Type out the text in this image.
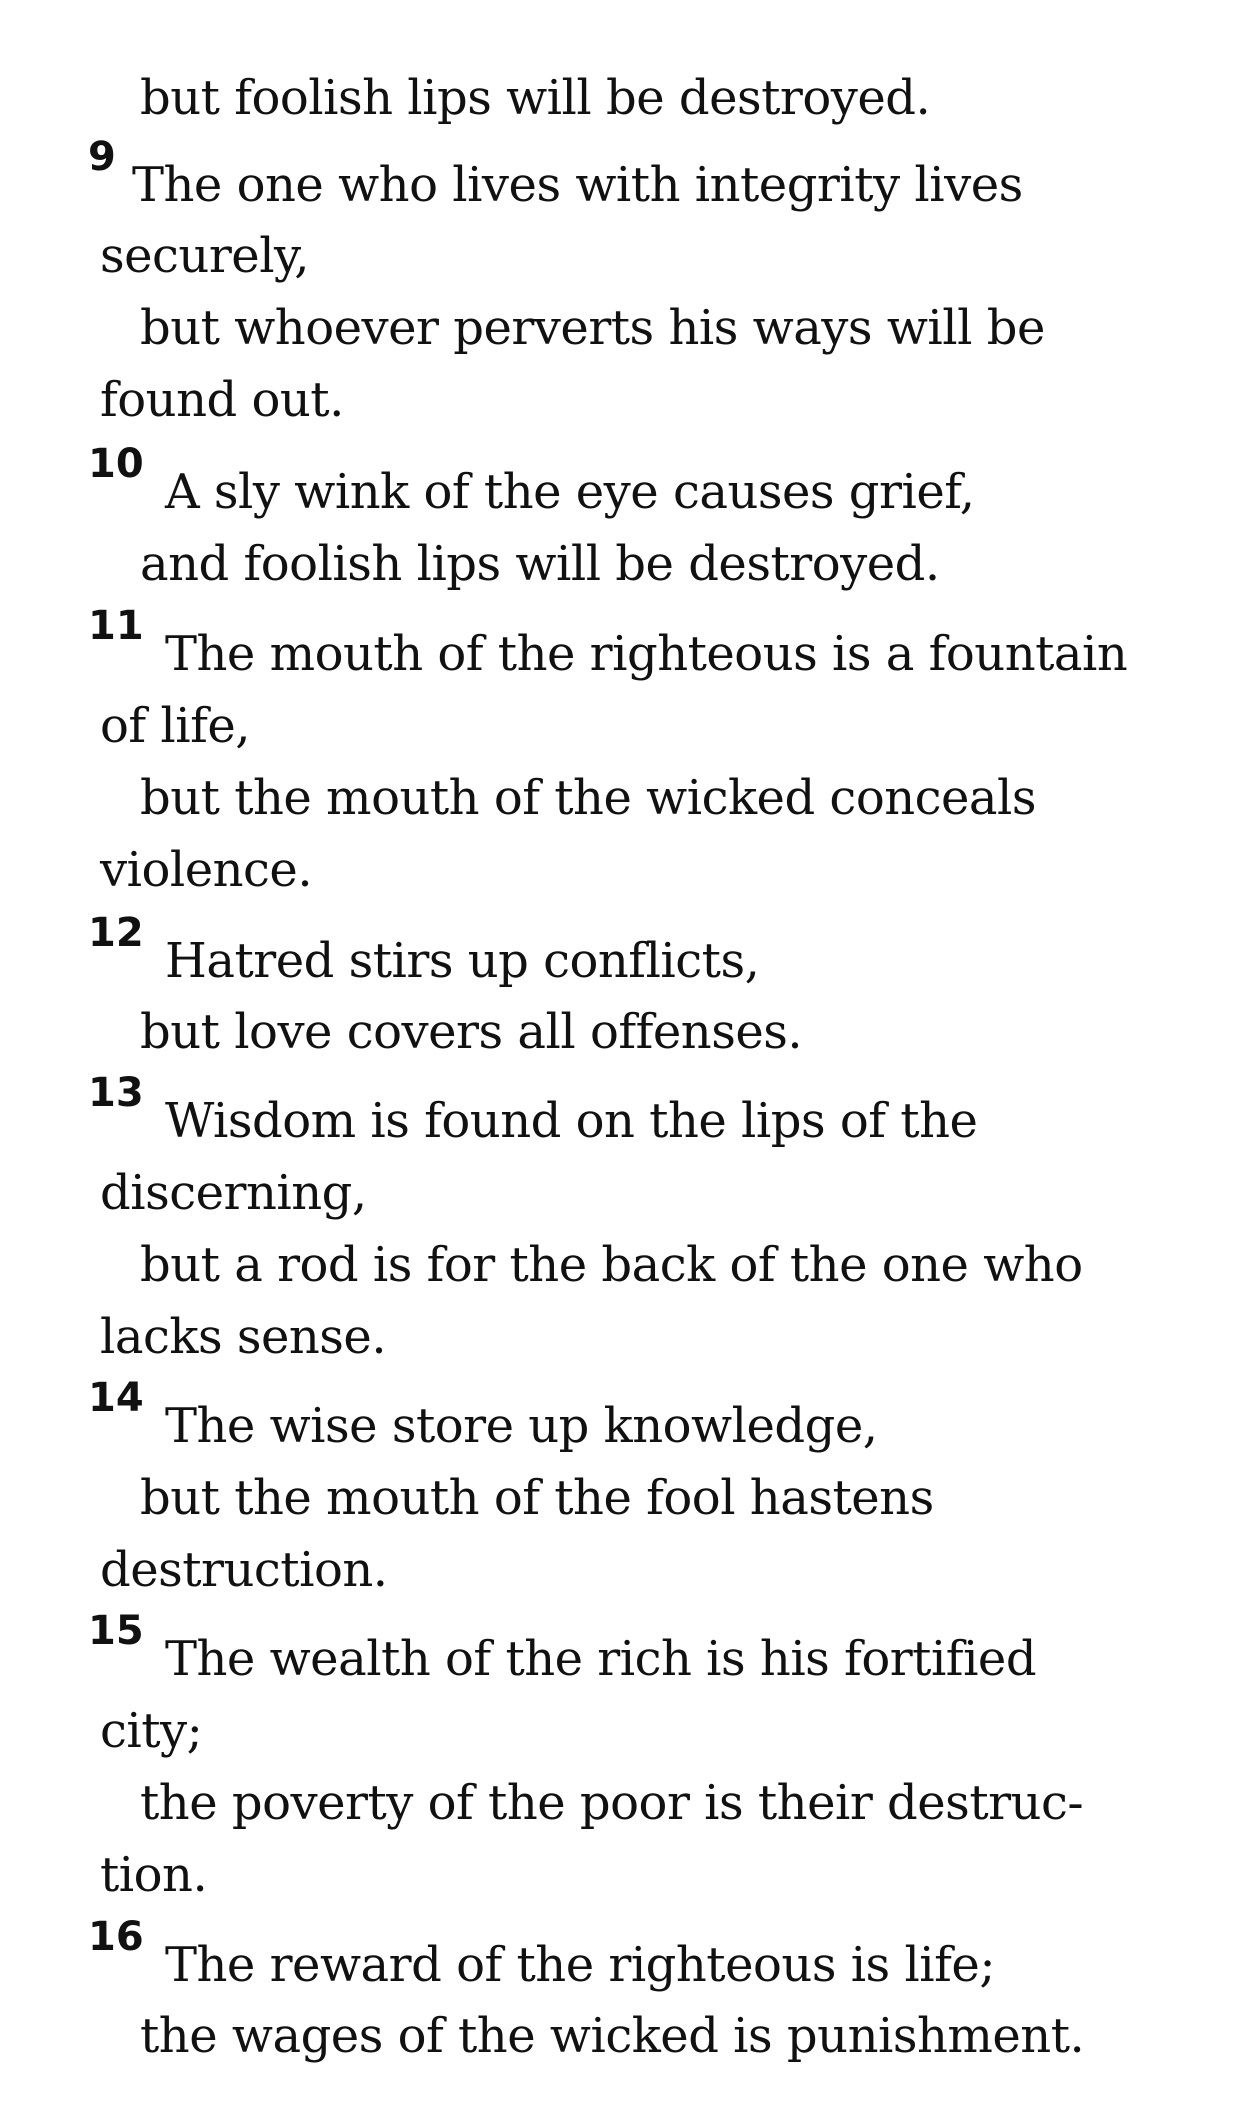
but foolish lips will be destroyed.
9 The one who lives with integrity lives
securely,
but whoever perverts his ways will be
found out.
10 A sly wink of the eye causes grief,
and foolish lips will be destroyed.
11 The mouth of the righteous is a fountain
of life,
but the mouth of the wicked conceals
violence.
12 Hatred stirs up conflicts,
but love covers all offenses.
13 Wisdom is found on the lips of the
discerning,
but a rod is for the back of the one who
lacks sense.
14 The wise store up knowledge,
but the mouth of the fool hastens
destruction.
15 The wealth of the rich is his fortified
city;
the poverty of the poor is their destruc-
tion.
16 The reward of the righteous is life;
the wages of the wicked is punishment.
